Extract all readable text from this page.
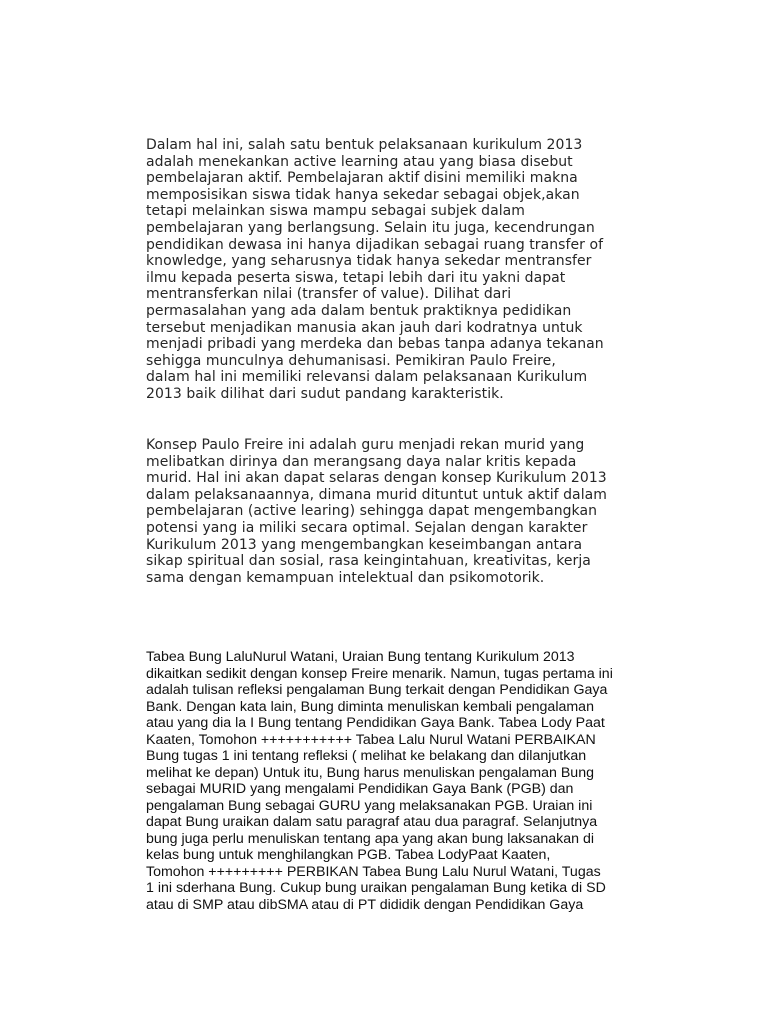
Dalam hal ini, salah satu bentuk pelaksanaan kurikulum 2013
adalah menekankan active learning atau yang biasa disebut
pembelajaran aktif. Pembelajaran aktif disini memiliki makna
memposisikan siswa tidak hanya sekedar sebagai objek,akan
tetapi melainkan siswa mampu sebagai subjek dalam
pembelajaran yang berlangsung. Selain itu juga, kecendrungan
pendidikan dewasa ini hanya dijadikan sebagai ruang transfer of
knowledge, yang seharusnya tidak hanya sekedar mentransfer
ilmu kepada peserta siswa, tetapi lebih dari itu yakni dapat
mentransferkan nilai (transfer of value). Dilihat dari
permasalahan yang ada dalam bentuk praktiknya pedidikan
tersebut menjadikan manusia akan jauh dari kodratnya untuk
menjadi pribadi yang merdeka dan bebas tanpa adanya tekanan
sehigga munculnya dehumanisasi. Pemikiran Paulo Freire,
dalam hal ini memiliki relevansi dalam pelaksanaan Kurikulum
2013 baik dilihat dari sudut pandang karakteristik.
Konsep Paulo Freire ini adalah guru menjadi rekan murid yang
melibatkan dirinya dan merangsang daya nalar kritis kepada
murid. Hal ini akan dapat selaras dengan konsep Kurikulum 2013
dalam pelaksanaannya, dimana murid dituntut untuk aktif dalam
pembelajaran (active learing) sehingga dapat mengembangkan
potensi yang ia miliki secara optimal. Sejalan dengan karakter
Kurikulum 2013 yang mengembangkan keseimbangan antara
sikap spiritual dan sosial, rasa keingintahuan, kreativitas, kerja
sama dengan kemampuan intelektual dan psikomotorik.
Tabea Bung LaluNurul Watani, Uraian Bung tentang Kurikulum 2013
dikaitkan sedikit dengan konsep Freire menarik. Namun, tugas pertama ini
adalah tulisan refleksi pengalaman Bung terkait dengan Pendidikan Gaya
Bank. Dengan kata lain, Bung diminta menuliskan kembali pengalaman
atau yang dia la I Bung tentang Pendidikan Gaya Bank. Tabea Lody Paat
Kaaten, Tomohon +++++++++++ Tabea Lalu Nurul Watani PERBAIKAN
Bung tugas 1 ini tentang refleksi ( melihat ke belakang dan dilanjutkan
melihat ke depan) Untuk itu, Bung harus menuliskan pengalaman Bung
sebagai MURID yang mengalami Pendidikan Gaya Bank (PGB) dan
pengalaman Bung sebagai GURU yang melaksanakan PGB. Uraian ini
dapat Bung uraikan dalam satu paragraf atau dua paragraf. Selanjutnya
bung juga perlu menuliskan tentang apa yang akan bung laksanakan di
kelas bung untuk menghilangkan PGB. Tabea LodyPaat Kaaten,
Tomohon +++++++++ PERBIKAN Tabea Bung Lalu Nurul Watani, Tugas
1 ini sderhana Bung. Cukup bung uraikan pengalaman Bung ketika di SD
atau di SMP atau dibSMA atau di PT dididik dengan Pendidikan Gaya
